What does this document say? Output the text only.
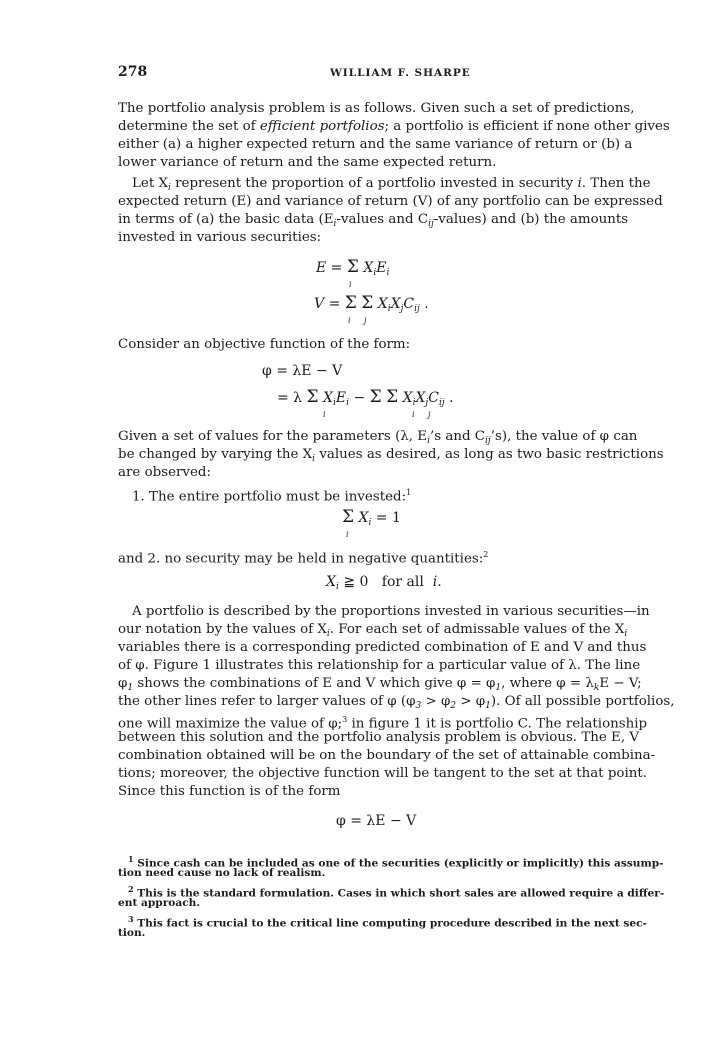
278	WILLIAM F. SHARPE
The portfolio analysis problem is as follows. Given such a set of predictions,
determine the set of efficient portfolios; a portfolio is efficient if none other gives
either (a) a higher expected return and the same variance of return or (b) a
lower variance of return and the same expected return.
Let $X_i$ represent the proportion of a portfolio invested in security i. Then the
expected return (E) and variance of return (V) of any portfolio can be expressed
in terms of (a) the basic data ($E_i$-values and $C_{ij}-values$) and (b) the amounts
invested in various securities:
E = Σ $X_iE_i$
i
V = Σ Σ $X_iX_jC_{ij}$ .
i j
Consider an objective function of the form:
φ = λE − V
= λ Σ $X_iE_i - \Sigma$ Σ $X_iX_jC_{ij}$ .
i	i j
Given a set of values for the parameters (λ, $E_i’s$ and $C_{ij}’s$), the value of φ can
be changed by varying the $X_i$ values as desired, as long as two basic restrictions
are observed:
1. The entire portfolio must be invested:$^1$
Σ $X_i = 1$
i
and 2. no security may be held in negative quantities:$^2$
$X_i$ ≧ 0 for all i.
A portfolio is described by the proportions invested in various securities—in
our notation by the values of $X_i$. For each set of admissable values of the $X_i$
variables there is a corresponding predicted combination of E and V and thus
of φ. Figure 1 illustrates this relationship for a particular value of λ. The line
$\varphi_1$ shows the combinations of E and V which give $\varphi = \varphi_1$, where $\varphi = \lambda_kE - V$;
the other lines refer to larger values of φ $(\varphi_3 > \varphi_2 > \varphi_1)$. Of all possible portfolios,
one will maximize the value of φ;$^3$ in figure 1 it is portfolio C. The relationship
between this solution and the portfolio analysis problem is obvious. The E, V
combination obtained will be on the boundary of the set of attainable combina-
tions; moreover, the objective function will be tangent to the set at that point.
Since this function is of the form
φ = λE − V
$^1$ Since cash can be included as one of the securities (explicitly or implicitly) this assump-
tion need cause no lack of realism.
$^2$ This is the standard formulation. Cases in which short sales are allowed require a differ-
ent approach.
$^3$ This fact is crucial to the critical line computing procedure described in the next sec-
tion.
